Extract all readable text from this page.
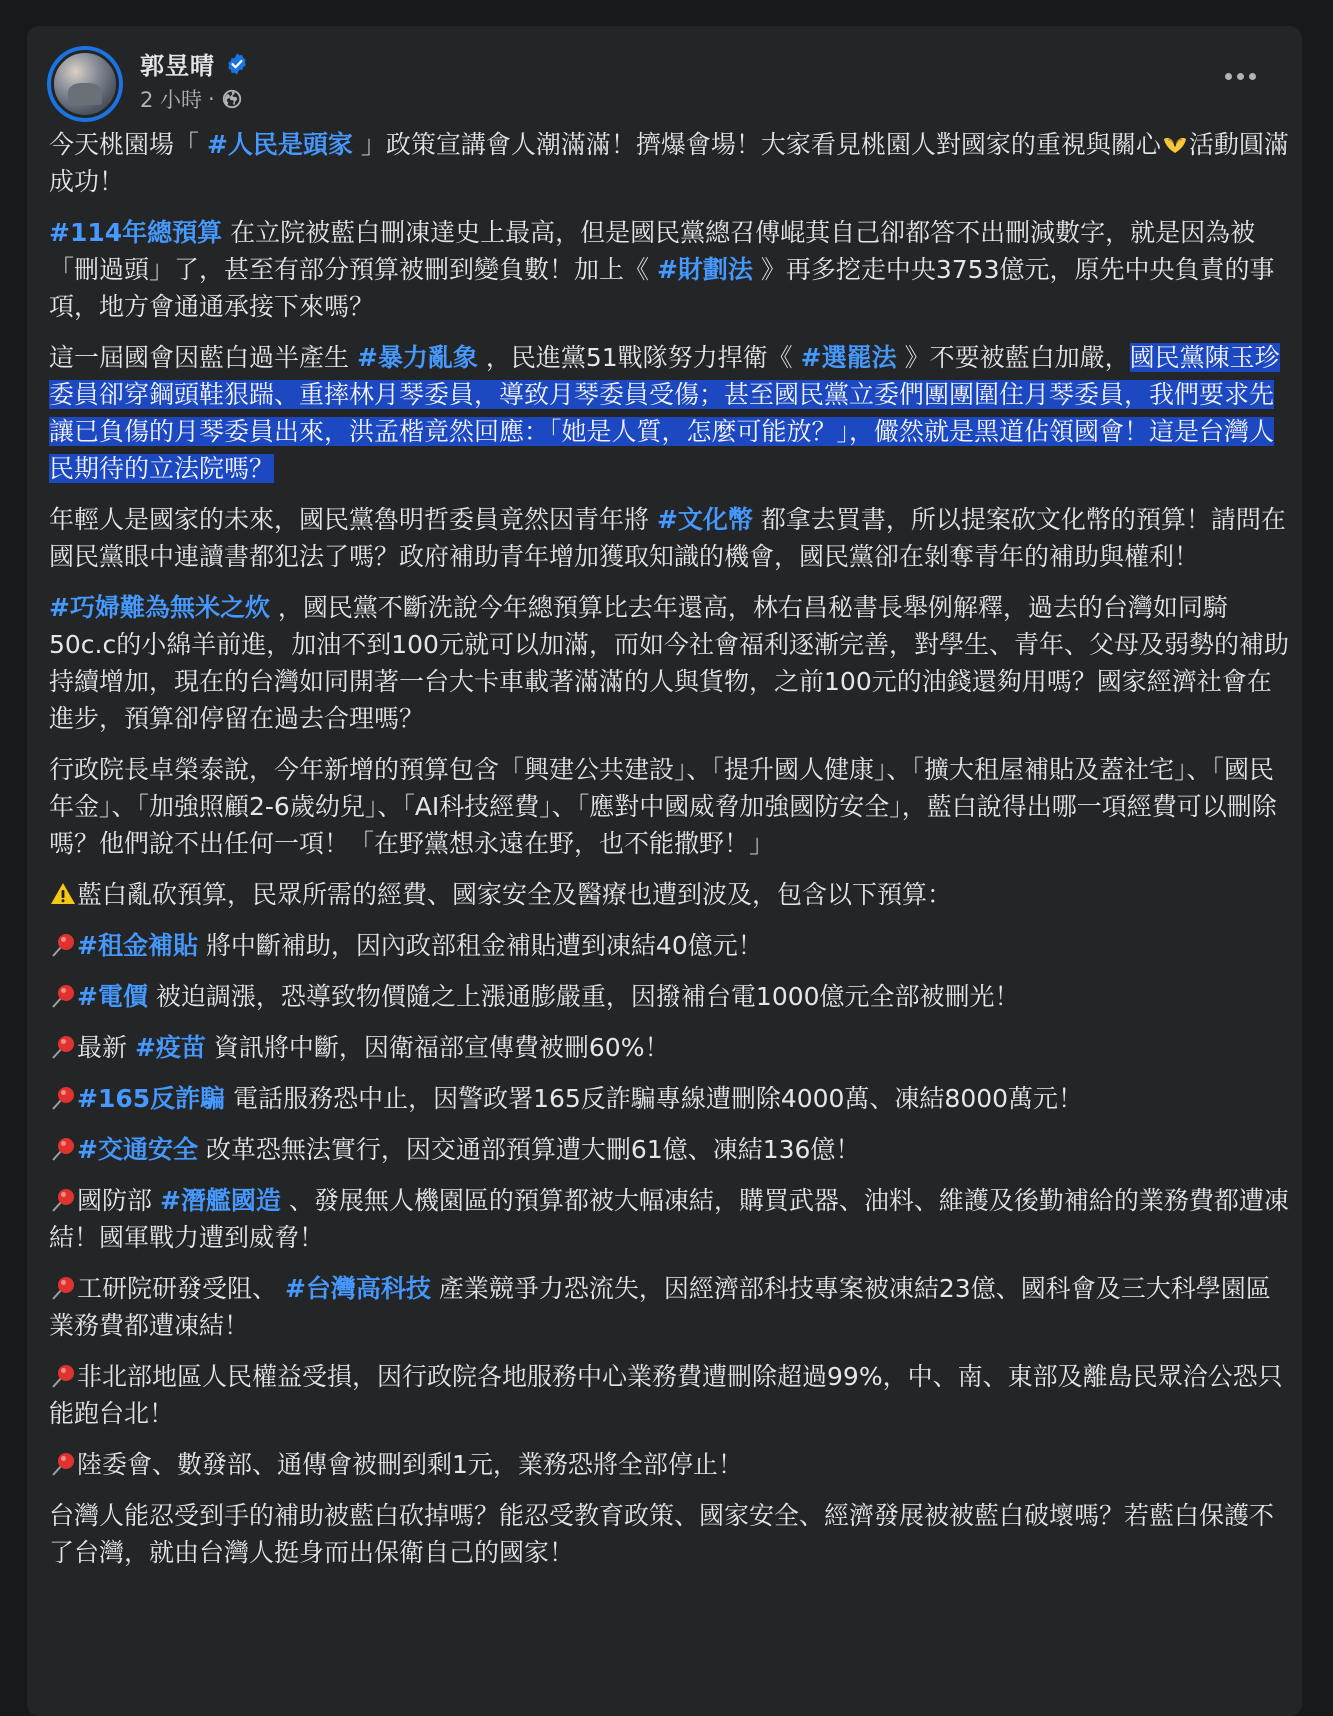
郭昱晴
2 小時 ·

今天桃園場「 #人民是頭家 」政策宣講會人潮滿滿！擠爆會場！大家看見桃園人對國家的重視與關心 活動圓滿成功！

#114年總預算 在立院被藍白刪凍達史上最高，但是國民黨總召傅崐萁自己卻都答不出刪減數字，就是因為被「刪過頭」了，甚至有部分預算被刪到變負數！加上《 #財劃法 》再多挖走中央3753億元，原先中央負責的事項，地方會通通承接下來嗎？

這一屆國會因藍白過半產生 #暴力亂象 ，民進黨51戰隊努力捍衛《 #選罷法 》不要被藍白加嚴，國民黨陳玉珍委員卻穿鋼頭鞋狠踹、重摔林月琴委員，導致月琴委員受傷；甚至國民黨立委們團團圍住月琴委員，我們要求先讓已負傷的月琴委員出來，洪孟楷竟然回應：「她是人質，怎麼可能放？」，儼然就是黑道佔領國會！這是台灣人民期待的立法院嗎？

年輕人是國家的未來，國民黨魯明哲委員竟然因青年將 #文化幣 都拿去買書，所以提案砍文化幣的預算！請問在國民黨眼中連讀書都犯法了嗎？政府補助青年增加獲取知識的機會，國民黨卻在剝奪青年的補助與權利！

#巧婦難為無米之炊 ，國民黨不斷洗說今年總預算比去年還高，林右昌秘書長舉例解釋，過去的台灣如同騎50c.c的小綿羊前進，加油不到100元就可以加滿，而如今社會福利逐漸完善，對學生、青年、父母及弱勢的補助持續增加，現在的台灣如同開著一台大卡車載著滿滿的人與貨物，之前100元的油錢還夠用嗎？國家經濟社會在進步，預算卻停留在過去合理嗎？

行政院長卓榮泰說，今年新增的預算包含「興建公共建設」、「提升國人健康」、「擴大租屋補貼及蓋社宅」、「國民年金」、「加強照顧2-6歲幼兒」、「AI科技經費」、「應對中國威脅加強國防安全」，藍白說得出哪一項經費可以刪除嗎？他們說不出任何一項！「在野黨想永遠在野，也不能撒野！」

藍白亂砍預算，民眾所需的經費、國家安全及醫療也遭到波及，包含以下預算：

#租金補貼 將中斷補助，因內政部租金補貼遭到凍結40億元！

#電價 被迫調漲，恐導致物價隨之上漲通膨嚴重，因撥補台電1000億元全部被刪光！

最新 #疫苗 資訊將中斷，因衛福部宣傳費被刪60%！

#165反詐騙 電話服務恐中止，因警政署165反詐騙專線遭刪除4000萬、凍結8000萬元！

#交通安全 改革恐無法實行，因交通部預算遭大刪61億、凍結136億！

國防部 #潛艦國造 、發展無人機園區的預算都被大幅凍結，購買武器、油料、維護及後勤補給的業務費都遭凍結！國軍戰力遭到威脅！

工研院研發受阻、 #台灣高科技 產業競爭力恐流失，因經濟部科技專案被凍結23億、國科會及三大科學園區業務費都遭凍結！

非北部地區人民權益受損，因行政院各地服務中心業務費遭刪除超過99%，中、南、東部及離島民眾洽公恐只能跑台北！

陸委會、數發部、通傳會被刪到剩1元，業務恐將全部停止！

台灣人能忍受到手的補助被藍白砍掉嗎？能忍受教育政策、國家安全、經濟發展被被藍白破壞嗎？若藍白保護不了台灣，就由台灣人挺身而出保衛自己的國家！
